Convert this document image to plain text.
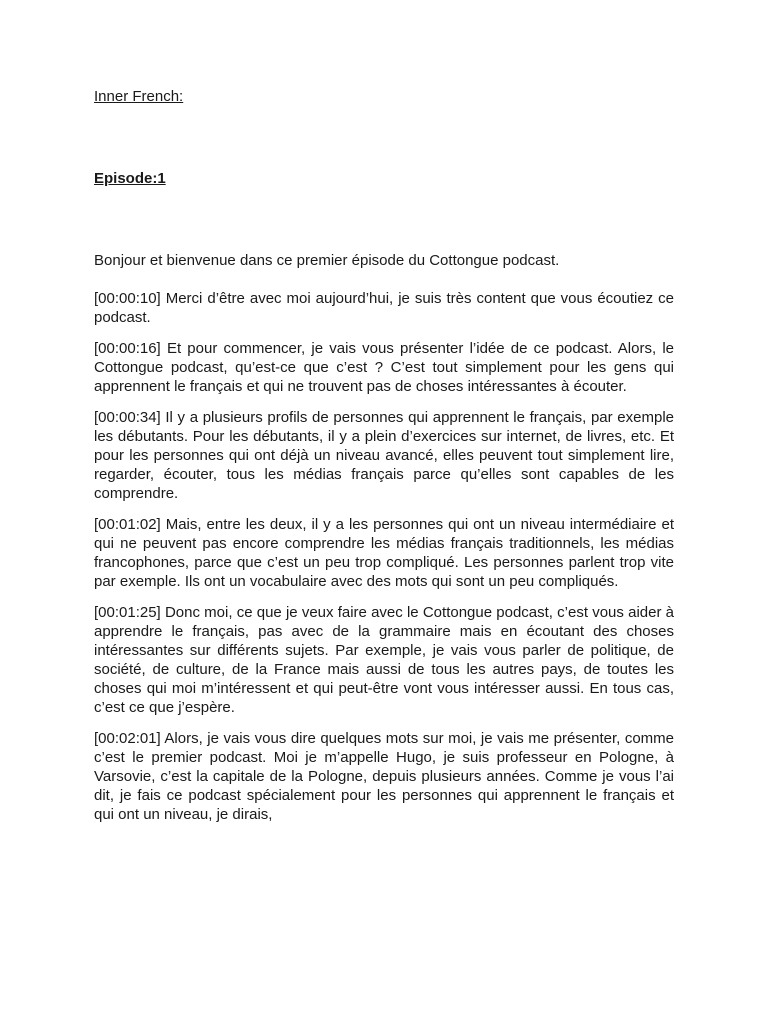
Inner French:
Episode:1

Bonjour et bienvenue dans ce premier épisode du Cottongue podcast.

[00:00:10] Merci d’être avec moi aujourd’hui, je suis très content que vous écoutiez ce podcast.

[00:00:16] Et pour commencer, je vais vous présenter l’idée de ce podcast. Alors, le Cottongue podcast, qu’est-ce que c’est ? C’est tout simplement pour les gens qui apprennent le français et qui ne trouvent pas de choses intéressantes à écouter.

[00:00:34] Il y a plusieurs profils de personnes qui apprennent le français, par exemple les débutants. Pour les débutants, il y a plein d’exercices sur internet, de livres, etc. Et pour les personnes qui ont déjà un niveau avancé, elles peuvent tout simplement lire, regarder, écouter, tous les médias français parce qu’elles sont capables de les comprendre.

[00:01:02] Mais, entre les deux, il y a les personnes qui ont un niveau intermédiaire et qui ne peuvent pas encore comprendre les médias français traditionnels, les médias francophones, parce que c’est un peu trop compliqué. Les personnes parlent trop vite par exemple. Ils ont un vocabulaire avec des mots qui sont un peu compliqués.

[00:01:25] Donc moi, ce que je veux faire avec le Cottongue podcast, c’est vous aider à apprendre le français, pas avec de la grammaire mais en écoutant des choses intéressantes sur différents sujets. Par exemple, je vais vous parler de politique, de société, de culture, de la France mais aussi de tous les autres pays, de toutes les choses qui moi m’intéressent et qui peut-être vont vous intéresser aussi. En tous cas, c’est ce que j’espère.

[00:02:01] Alors, je vais vous dire quelques mots sur moi, je vais me présenter, comme c’est le premier podcast. Moi je m’appelle Hugo, je suis professeur en Pologne, à Varsovie, c’est la capitale de la Pologne, depuis plusieurs années. Comme je vous l’ai dit, je fais ce podcast spécialement pour les personnes qui apprennent le français et qui ont un niveau, je dirais,
